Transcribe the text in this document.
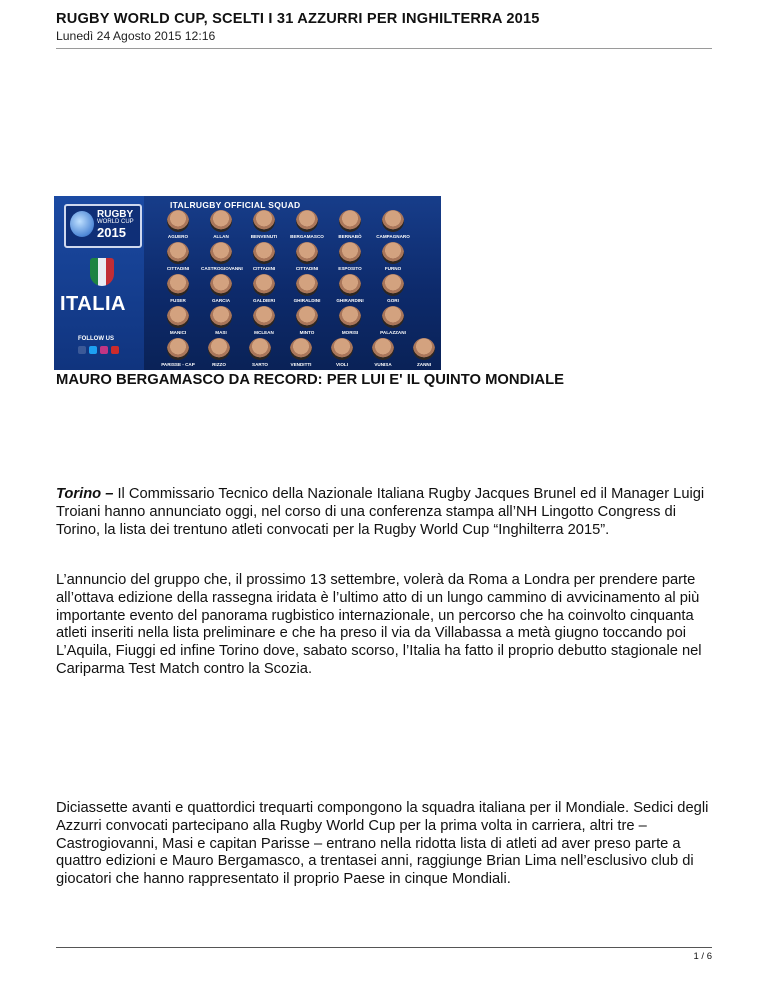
RUGBY WORLD CUP, SCELTI I 31 AZZURRI PER INGHILTERRA 2015

Lunedì 24 Agosto 2015 12:16

RUGBY
WORLD CUP
2015
ITALIA
FOLLOW US
ITALRUGBY OFFICIAL SQUAD
AGUERO	ALLAN	BENVENUTI	BERGAMASCO	BERNABÒ	CAMPAGNARO
CITTADINI	CASTROGIOVANNI	CITTADINI	CITTADINI	ESPOSITO	FURNO
FUSER	GARCIA	GALDIERI	GHIRALDINI	GHIRARDINI	GORI
MANICI	MASI	MCLEAN	MINTO	MORISI	PALAZZANI
PARISSE - CAP	RIZZO	SARTO	VENDITTI	VIOLI	VUNISA	ZANNI

MAURO BERGAMASCO DA RECORD: PER LUI E' IL QUINTO MONDIALE

Torino – Il Commissario Tecnico della Nazionale Italiana Rugby Jacques Brunel ed il Manager Luigi Troiani hanno annunciato oggi, nel corso di una conferenza stampa all’NH Lingotto Congress di Torino, la lista dei trentuno atleti convocati per la Rugby World Cup “Inghilterra 2015”.

L’annuncio del gruppo che, il prossimo 13 settembre, volerà da Roma a Londra per prendere parte all’ottava edizione della rassegna iridata è l’ultimo atto di un lungo cammino di avvicinamento al più importante evento del panorama rugbistico internazionale, un percorso che ha coinvolto cinquanta atleti inseriti nella lista preliminare e che ha preso il via da Villabassa a metà giugno toccando poi L’Aquila, Fiuggi ed infine Torino dove, sabato scorso, l’Italia ha fatto il proprio debutto stagionale nel Cariparma Test Match contro la Scozia.

Diciassette avanti e quattordici trequarti compongono la squadra italiana per il Mondiale. Sedici degli Azzurri convocati partecipano alla Rugby World Cup per la prima volta in carriera, altri tre – Castrogiovanni, Masi e capitan Parisse – entrano nella ridotta lista di atleti ad aver preso parte a quattro edizioni e Mauro Bergamasco, a trentasei anni, raggiunge Brian Lima nell’esclusivo club di giocatori che hanno rappresentato il proprio Paese in cinque Mondiali.

1 / 6
